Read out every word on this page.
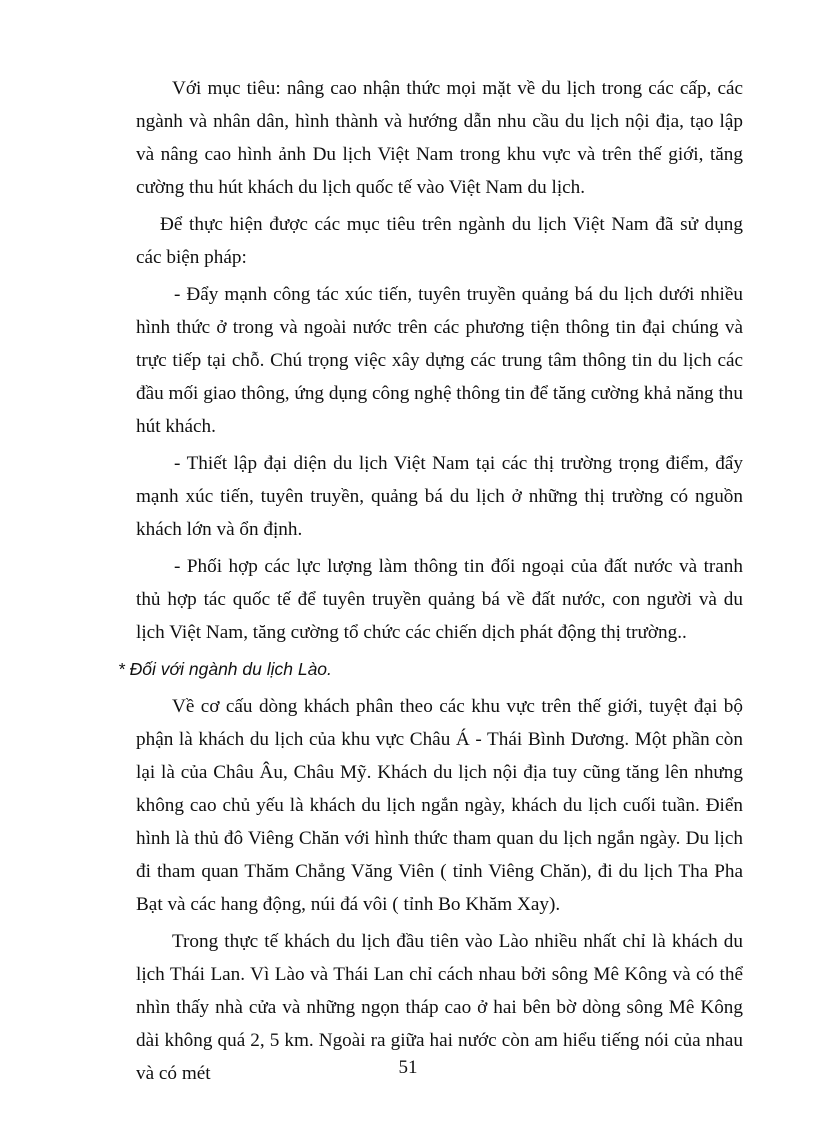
Với mục tiêu: nâng cao nhận thức mọi mặt về du lịch trong các cấp, các ngành và nhân dân, hình thành và hướng dẫn nhu cầu du lịch nội địa, tạo lập và nâng cao hình ảnh Du lịch Việt Nam trong khu vực và trên thế giới, tăng cường thu hút khách du lịch quốc tế vào Việt Nam du lịch.

Để thực hiện được các mục tiêu trên ngành du lịch Việt Nam đã sử dụng các biện pháp:

- Đẩy mạnh công tác xúc tiến, tuyên truyền quảng bá du lịch dưới nhiều hình thức ở trong và ngoài nước trên các phương tiện thông tin đại chúng và trực tiếp tại chỗ. Chú trọng việc xây dựng các trung tâm thông tin du lịch các đầu mối giao thông, ứng dụng công nghệ thông tin để tăng cường khả năng thu hút khách.

- Thiết lập đại diện du lịch Việt Nam tại các thị trường trọng điểm, đẩy mạnh xúc tiến, tuyên truyền, quảng bá du lịch ở những thị trường có nguồn khách lớn và ổn định.

- Phối hợp các lực lượng làm thông tin đối ngoại của đất nước và tranh thủ hợp tác quốc tế để tuyên truyền quảng bá về đất nước, con người và du lịch Việt Nam, tăng cường tổ chức các chiến dịch phát động thị trường..

* Đối với ngành du lịch Lào.

Về cơ cấu dòng khách phân theo các khu vực trên thế giới, tuyệt đại bộ phận là khách du lịch của khu vực Châu Á - Thái Bình Dương. Một phần còn lại là của Châu Âu, Châu Mỹ. Khách du lịch nội địa tuy cũng tăng lên nhưng không cao chủ yếu là khách du lịch ngắn ngày, khách du lịch cuối tuần. Điển hình là thủ đô Viêng Chăn với hình thức tham quan du lịch ngắn ngày. Du lịch đi tham quan Thăm Chẳng Văng Viên ( tỉnh Viêng Chăn), đi du lịch Tha Pha Bạt và các hang động, núi đá vôi ( tỉnh Bo Khăm Xay).

Trong thực tế khách du lịch đầu tiên vào Lào nhiều nhất chỉ là khách du lịch Thái Lan. Vì Lào và Thái Lan chỉ cách nhau bởi sông Mê Kông và có thể nhìn thấy nhà cửa và những ngọn tháp cao ở hai bên bờ dòng sông Mê Kông dài không quá 2, 5 km. Ngoài ra giữa hai nước còn am hiểu tiếng nói của nhau và có mét	51
